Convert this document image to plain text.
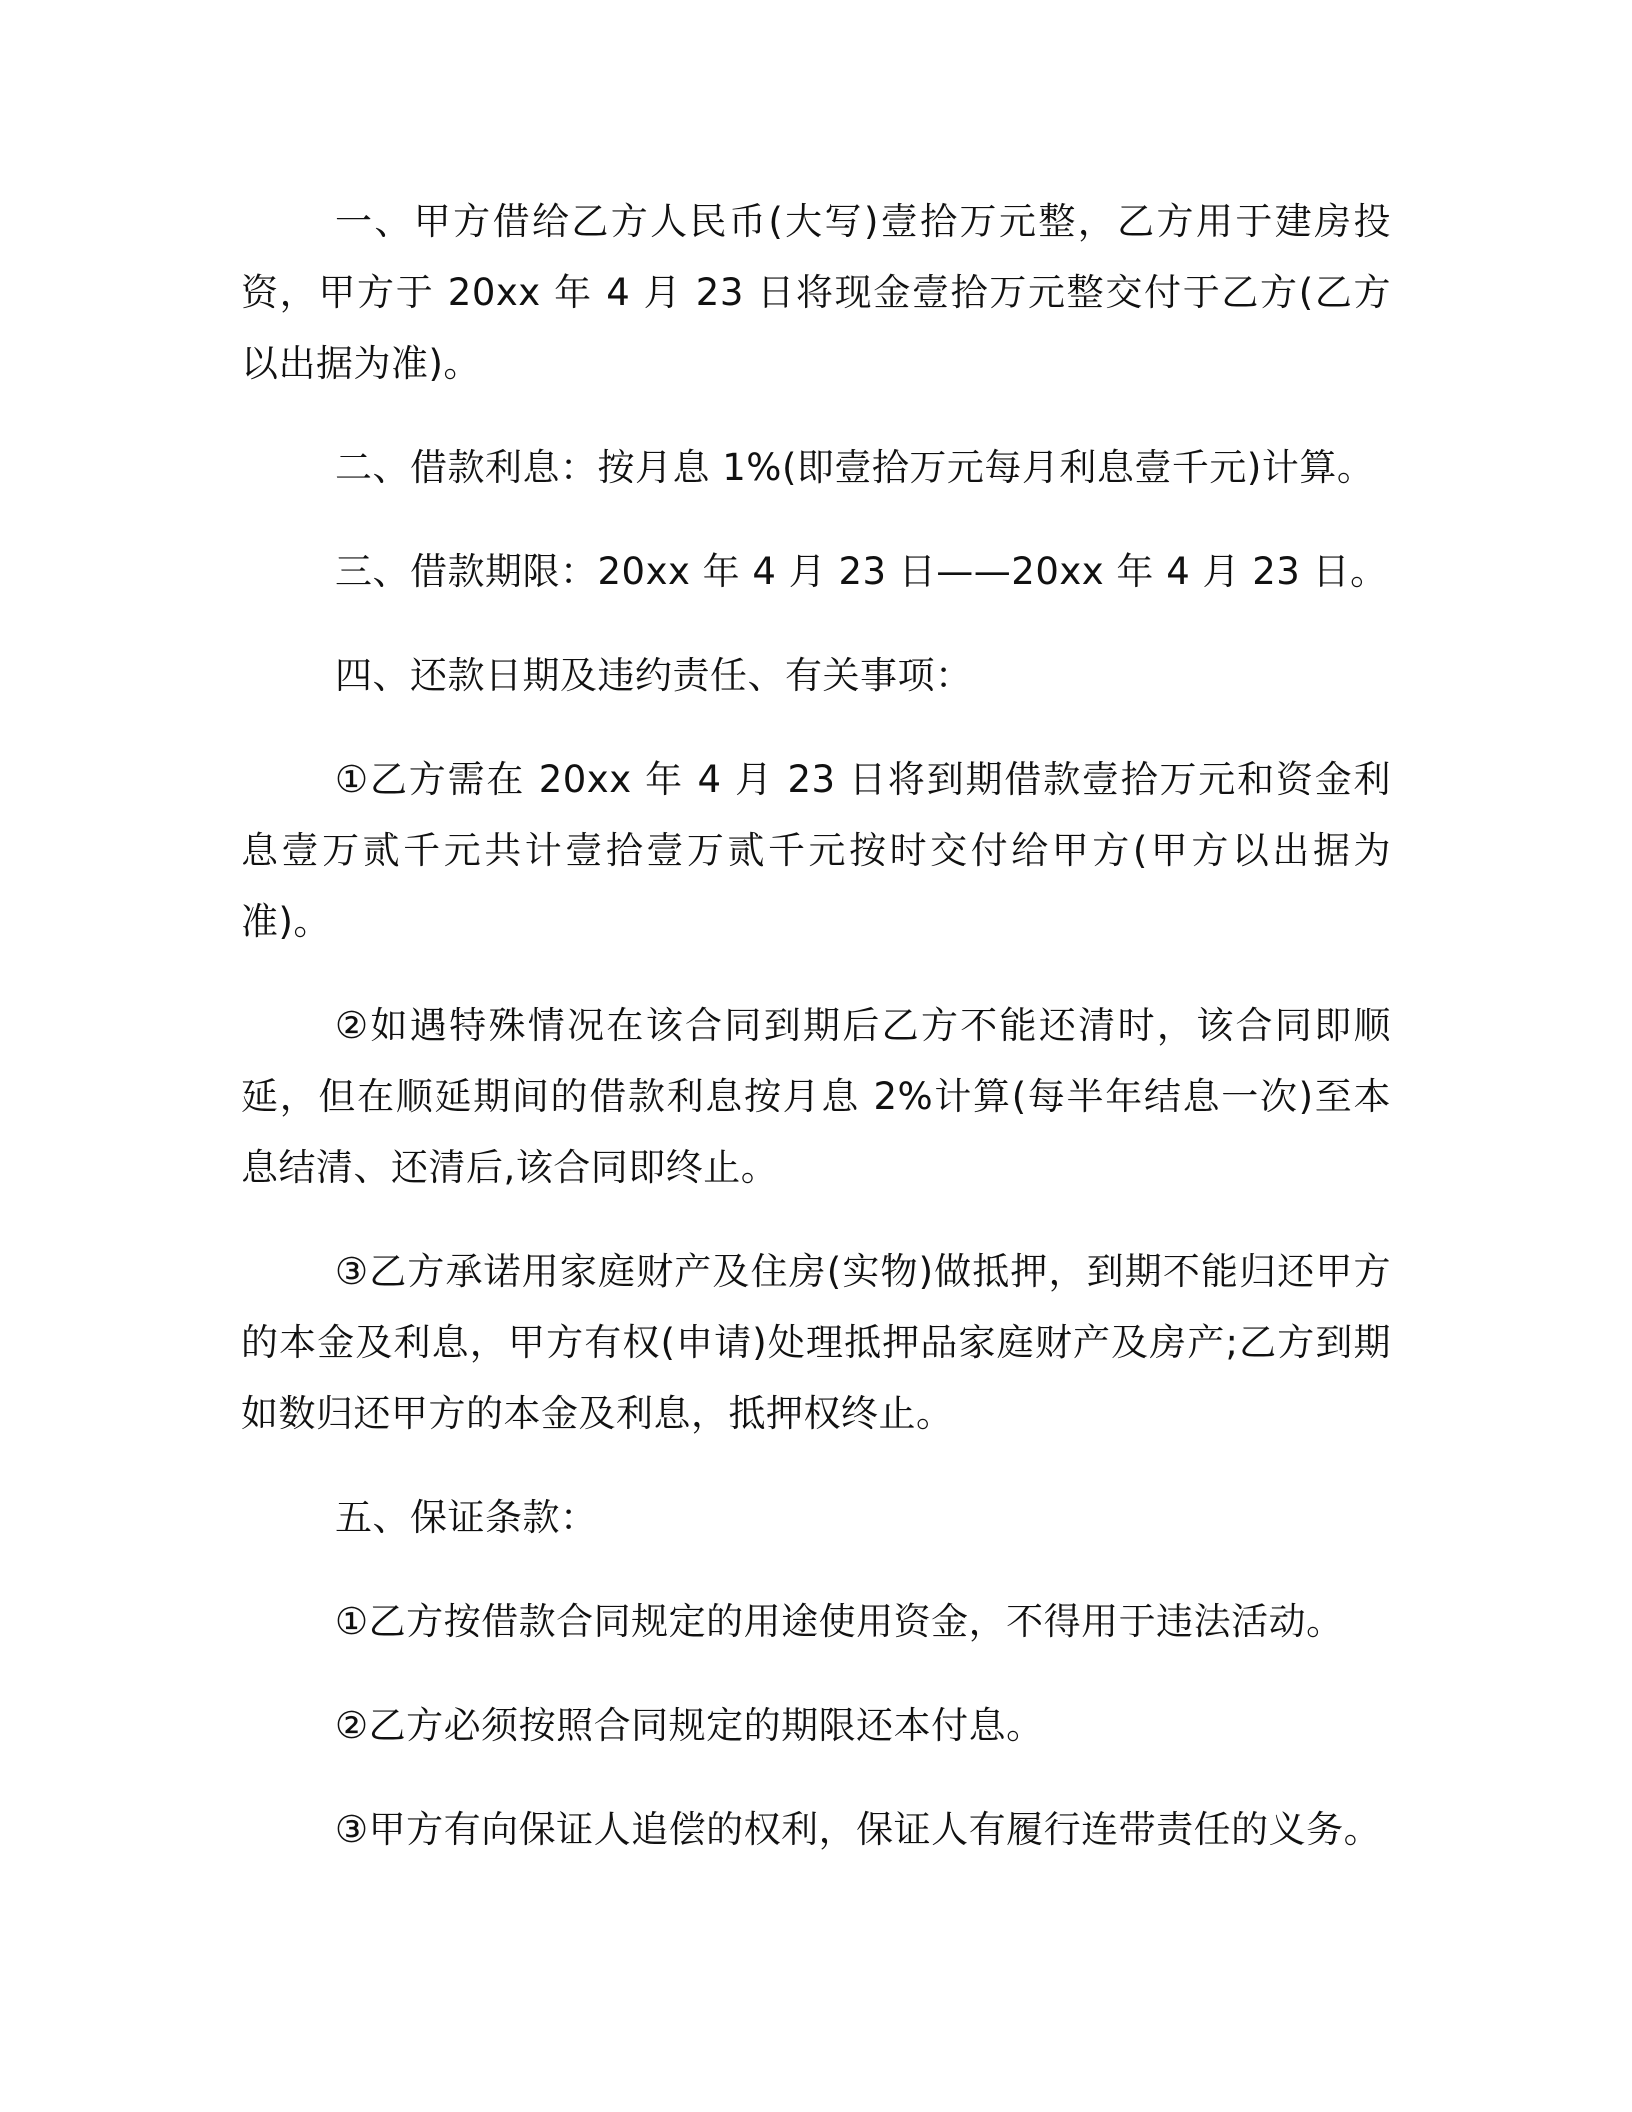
一、甲方借给乙方人民币(大写)壹拾万元整，乙方用于建房投资，甲方于 20xx 年 4 月 23 日将现金壹拾万元整交付于乙方(乙方以出据为准)。

二、借款利息：按月息 1%(即壹拾万元每月利息壹千元)计算。

三、借款期限：20xx 年 4 月 23 日——20xx 年 4 月 23 日。

四、还款日期及违约责任、有关事项：

①乙方需在 20xx 年 4 月 23 日将到期借款壹拾万元和资金利息壹万贰千元共计壹拾壹万贰千元按时交付给甲方(甲方以出据为准)。

②如遇特殊情况在该合同到期后乙方不能还清时，该合同即顺延，但在顺延期间的借款利息按月息 2%计算(每半年结息一次)至本息结清、还清后,该合同即终止。

③乙方承诺用家庭财产及住房(实物)做抵押，到期不能归还甲方的本金及利息，甲方有权(申请)处理抵押品家庭财产及房产;乙方到期如数归还甲方的本金及利息，抵押权终止。

五、保证条款：

①乙方按借款合同规定的用途使用资金，不得用于违法活动。

②乙方必须按照合同规定的期限还本付息。

③甲方有向保证人追偿的权利，保证人有履行连带责任的义务。
